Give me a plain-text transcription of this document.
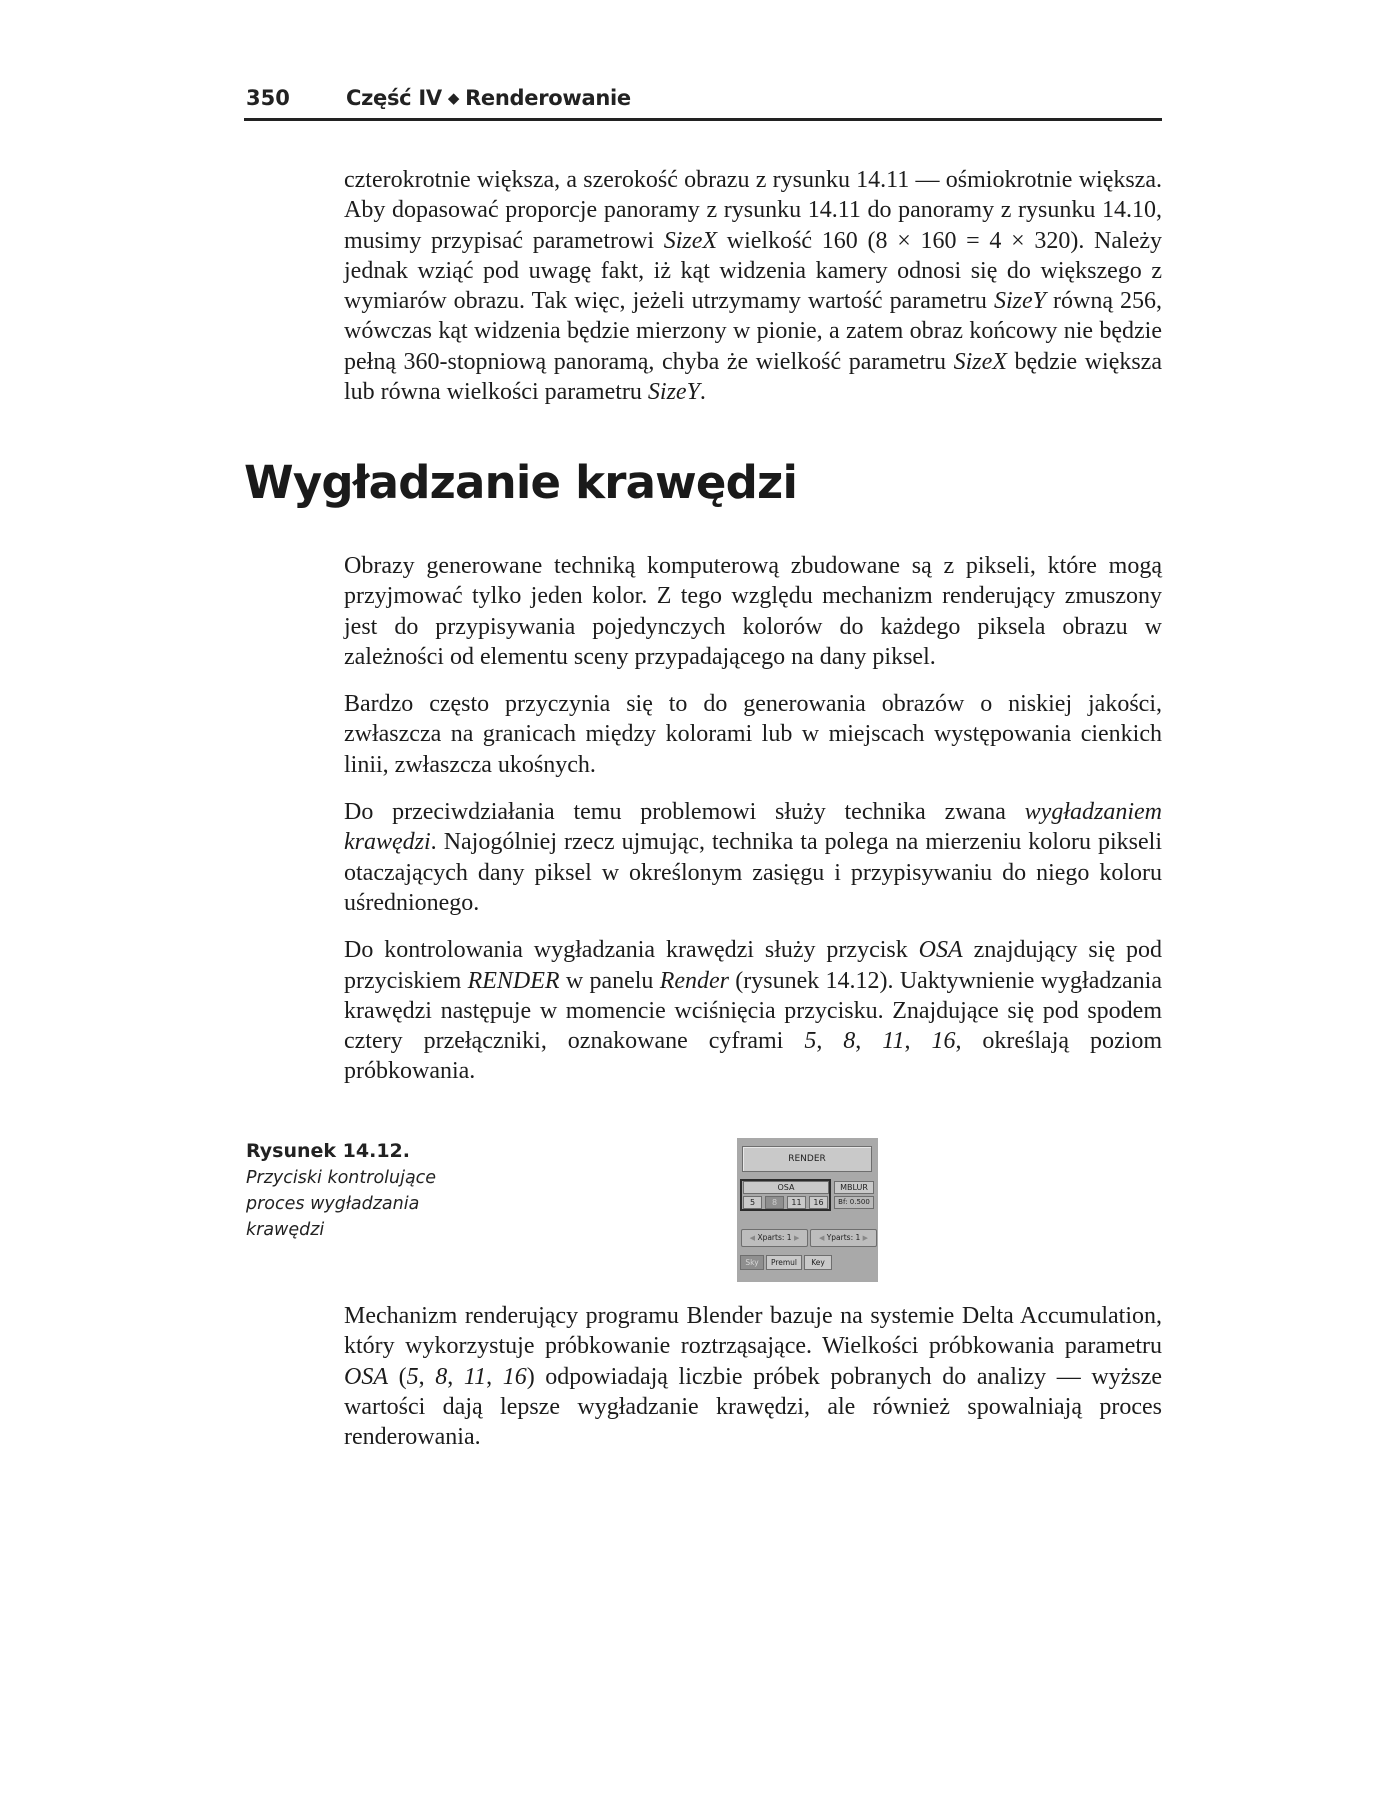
350	Część IV ◆ Renderowanie

czterokrotnie większa, a szerokość obrazu z rysunku 14.11 — ośmiokrotnie większa. Aby dopasować proporcje panoramy z rysunku 14.11 do panoramy z rysunku 14.10, musimy przypisać parametrowi SizeX wielkość 160 (8 × 160 = 4 × 320). Należy jednak wziąć pod uwagę fakt, iż kąt widzenia kamery odnosi się do większego z wymiarów obrazu. Tak więc, jeżeli utrzymamy wartość parametru SizeY równą 256, wówczas kąt widzenia będzie mierzony w pionie, a zatem obraz końcowy nie będzie pełną 360-stopniową panoramą, chyba że wielkość parametru SizeX będzie większa lub równa wielkości parametru SizeY.

Wygładzanie krawędzi

Obrazy generowane techniką komputerową zbudowane są z pikseli, które mogą przyjmować tylko jeden kolor. Z tego względu mechanizm renderujący zmuszony jest do przypisywania pojedynczych kolorów do każdego piksela obrazu w zależności od elementu sceny przypadającego na dany piksel.

Bardzo często przyczynia się to do generowania obrazów o niskiej jakości, zwłaszcza na granicach między kolorami lub w miejscach występowania cienkich linii, zwłaszcza ukośnych.

Do przeciwdziałania temu problemowi służy technika zwana wygładzaniem krawędzi. Najogólniej rzecz ujmując, technika ta polega na mierzeniu koloru pikseli otaczających dany piksel w określonym zasięgu i przypisywaniu do niego koloru uśrednionego.

Do kontrolowania wygładzania krawędzi służy przycisk OSA znajdujący się pod przyciskiem RENDER w panelu Render (rysunek 14.12). Uaktywnienie wygładzania krawędzi następuje w momencie wciśnięcia przycisku. Znajdujące się pod spodem cztery przełączniki, oznakowane cyframi 5, 8, 11, 16, określają poziom próbkowania.

Rysunek 14.12.
Przyciski kontrolujące proces wygładzania krawędzi
RENDER
OSA	MBLUR
5	8	11	16	Bf: 0.500
◀ Xparts: 1 ▶	◀ Yparts: 1 ▶
Sky	Premul	Key

Mechanizm renderujący programu Blender bazuje na systemie Delta Accumulation, który wykorzystuje próbkowanie roztrząsające. Wielkości próbkowania parametru OSA (5, 8, 11, 16) odpowiadają liczbie próbek pobranych do analizy — wyższe wartości dają lepsze wygładzanie krawędzi, ale również spowalniają proces renderowania.
